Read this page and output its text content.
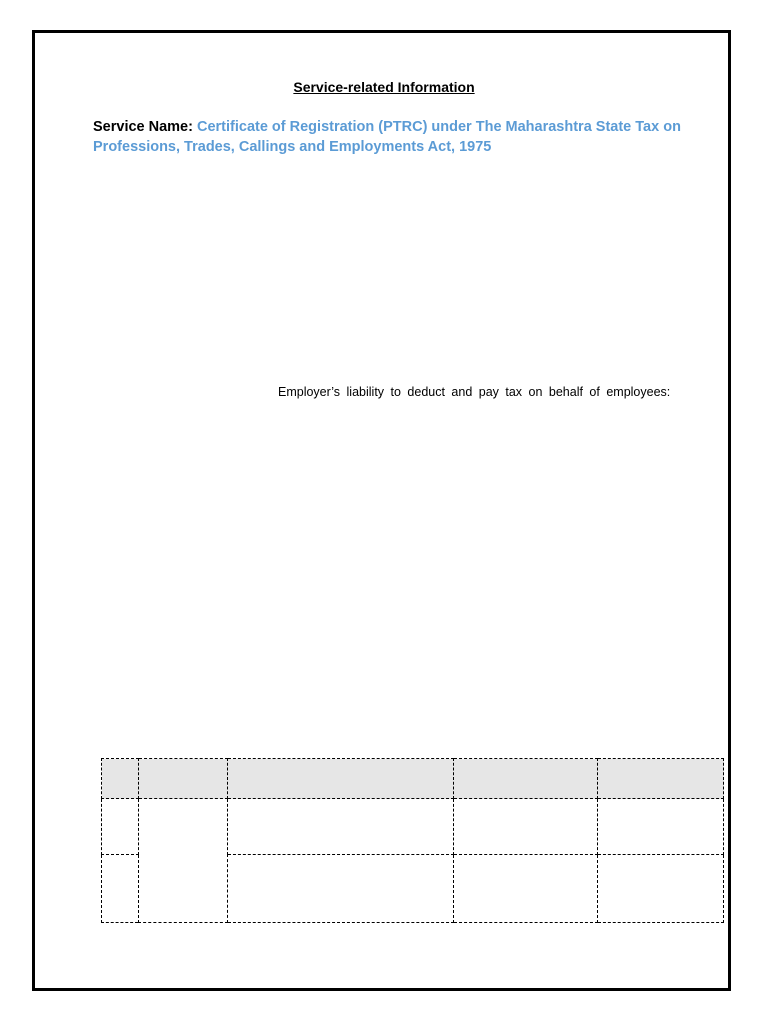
Service-related Information
Service Name: Certificate of Registration (PTRC) under The Maharashtra State Tax on Professions, Trades, Callings and Employments Act, 1975
Employer’s liability to deduct and pay tax on behalf of employees:
